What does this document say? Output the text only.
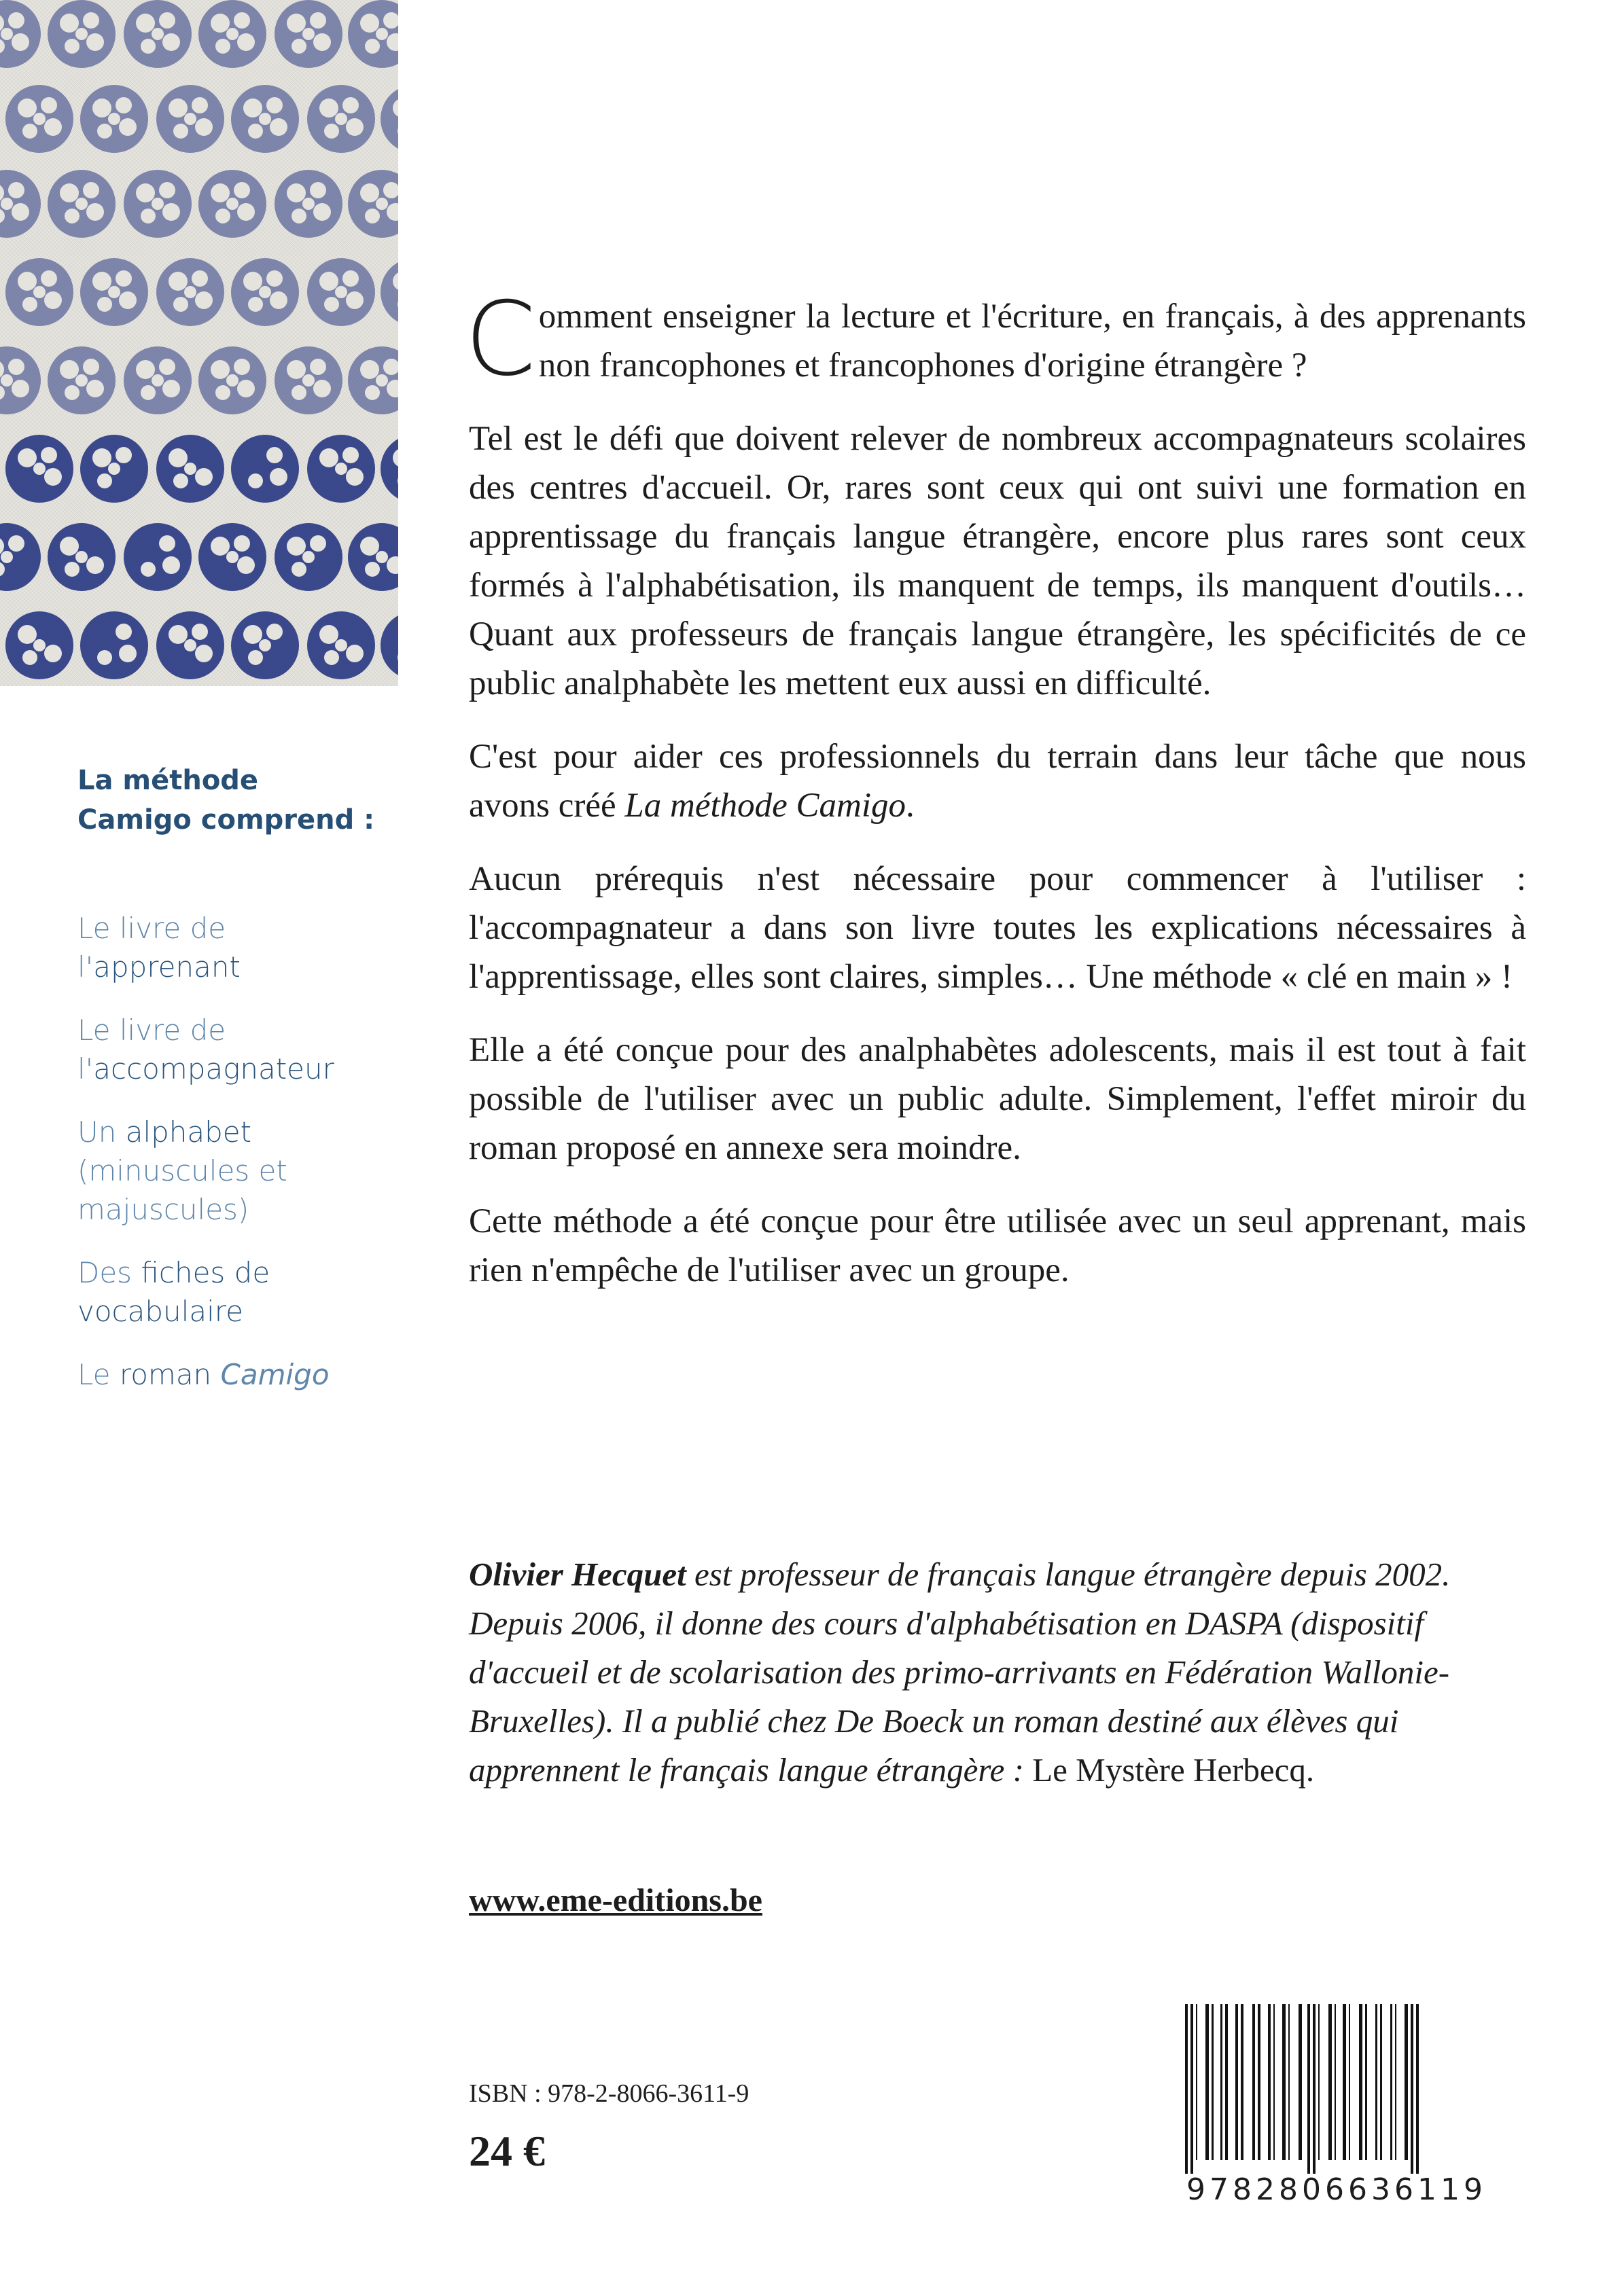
La méthode Camigo comprend :
Le livre de l'apprenant
Le livre de l'accompagnateur
Un alphabet (minuscules et majuscules)
Des fiches de vocabulaire
Le roman Camigo

Comment enseigner la lecture et l'écriture, en français, à des apprenants non francophones et francophones d'origine étrangère ?

Tel est le défi que doivent relever de nombreux accompagnateurs scolaires des centres d'accueil. Or, rares sont ceux qui ont suivi une formation en apprentissage du français langue étrangère, encore plus rares sont ceux formés à l'alphabétisation, ils manquent de temps, ils manquent d'outils… Quant aux professeurs de français langue étrangère, les spécificités de ce public analphabète les mettent eux aussi en difficulté.

C'est pour aider ces professionnels du terrain dans leur tâche que nous avons créé La méthode Camigo.

Aucun prérequis n'est nécessaire pour commencer à l'utiliser : l'accompagnateur a dans son livre toutes les explications nécessaires à l'apprentissage, elles sont claires, simples… Une méthode « clé en main » !

Elle a été conçue pour des analphabètes adolescents, mais il est tout à fait possible de l'utiliser avec un public adulte. Simplement, l'effet miroir du roman proposé en annexe sera moindre.

Cette méthode a été conçue pour être utilisée avec un seul apprenant, mais rien n'empêche de l'utiliser avec un groupe.

Olivier Hecquet est professeur de français langue étrangère depuis 2002. Depuis 2006, il donne des cours d'alphabétisation en DASPA (dispositif d'accueil et de scolarisation des primo-arrivants en Fédération Wallonie-Bruxelles). Il a publié chez De Boeck un roman destiné aux élèves qui apprennent le français langue étrangère : Le Mystère Herbecq.
www.eme-editions.be
ISBN : 978-2-8066-3611-9
24 €
9782806636119
